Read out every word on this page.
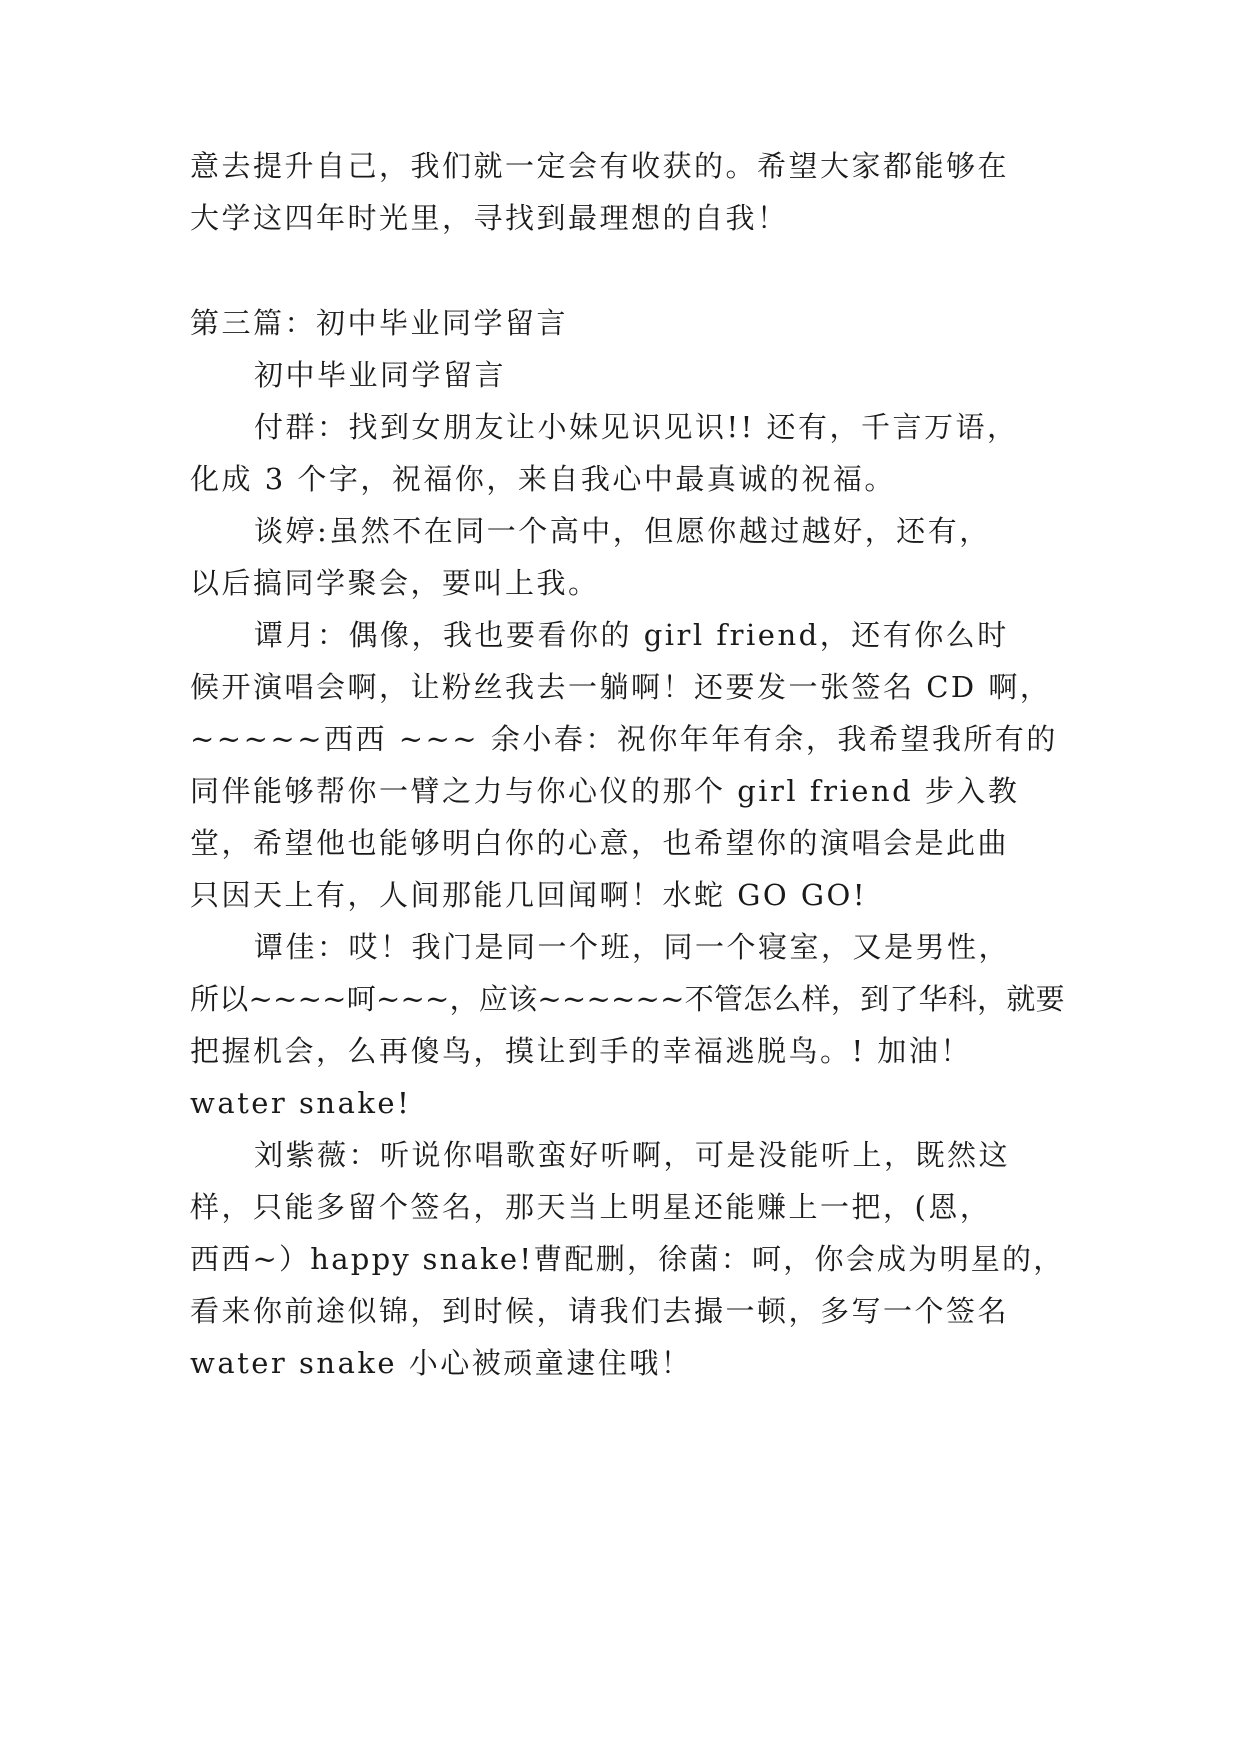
意去提升自己，我们就一定会有收获的。希望大家都能够在
大学这四年时光里，寻找到最理想的自我！
第三篇：初中毕业同学留言
初中毕业同学留言
付群：找到女朋友让小妹见识见识!! 还有，千言万语，
化成 3 个字，祝福你，来自我心中最真诚的祝福。
谈婷:虽然不在同一个高中，但愿你越过越好，还有，
以后搞同学聚会，要叫上我。
谭月：偶像，我也要看你的 girl friend，还有你么时
候开演唱会啊，让粉丝我去一躺啊！还要发一张签名 CD 啊，
~~~~~西西 ~~~ 余小春：祝你年年有余，我希望我所有的
同伴能够帮你一臂之力与你心仪的那个 girl friend 步入教
堂，希望他也能够明白你的心意，也希望你的演唱会是此曲
只因天上有，人间那能几回闻啊！水蛇 GO GO!
谭佳：哎！我门是同一个班，同一个寝室，又是男性，
所以~~~~呵~~~，应该~~~~~~不管怎么样，到了华科，就要
把握机会，么再傻鸟，摸让到手的幸福逃脱鸟。! 加油！
water snake!
刘紫薇：听说你唱歌蛮好听啊，可是没能听上，既然这
样，只能多留个签名，那天当上明星还能赚上一把，(恩，
西西~）happy snake!曹配删，徐菌：呵，你会成为明星的，
看来你前途似锦，到时候，请我们去撮一顿，多写一个签名
water snake 小心被顽童逮住哦！
